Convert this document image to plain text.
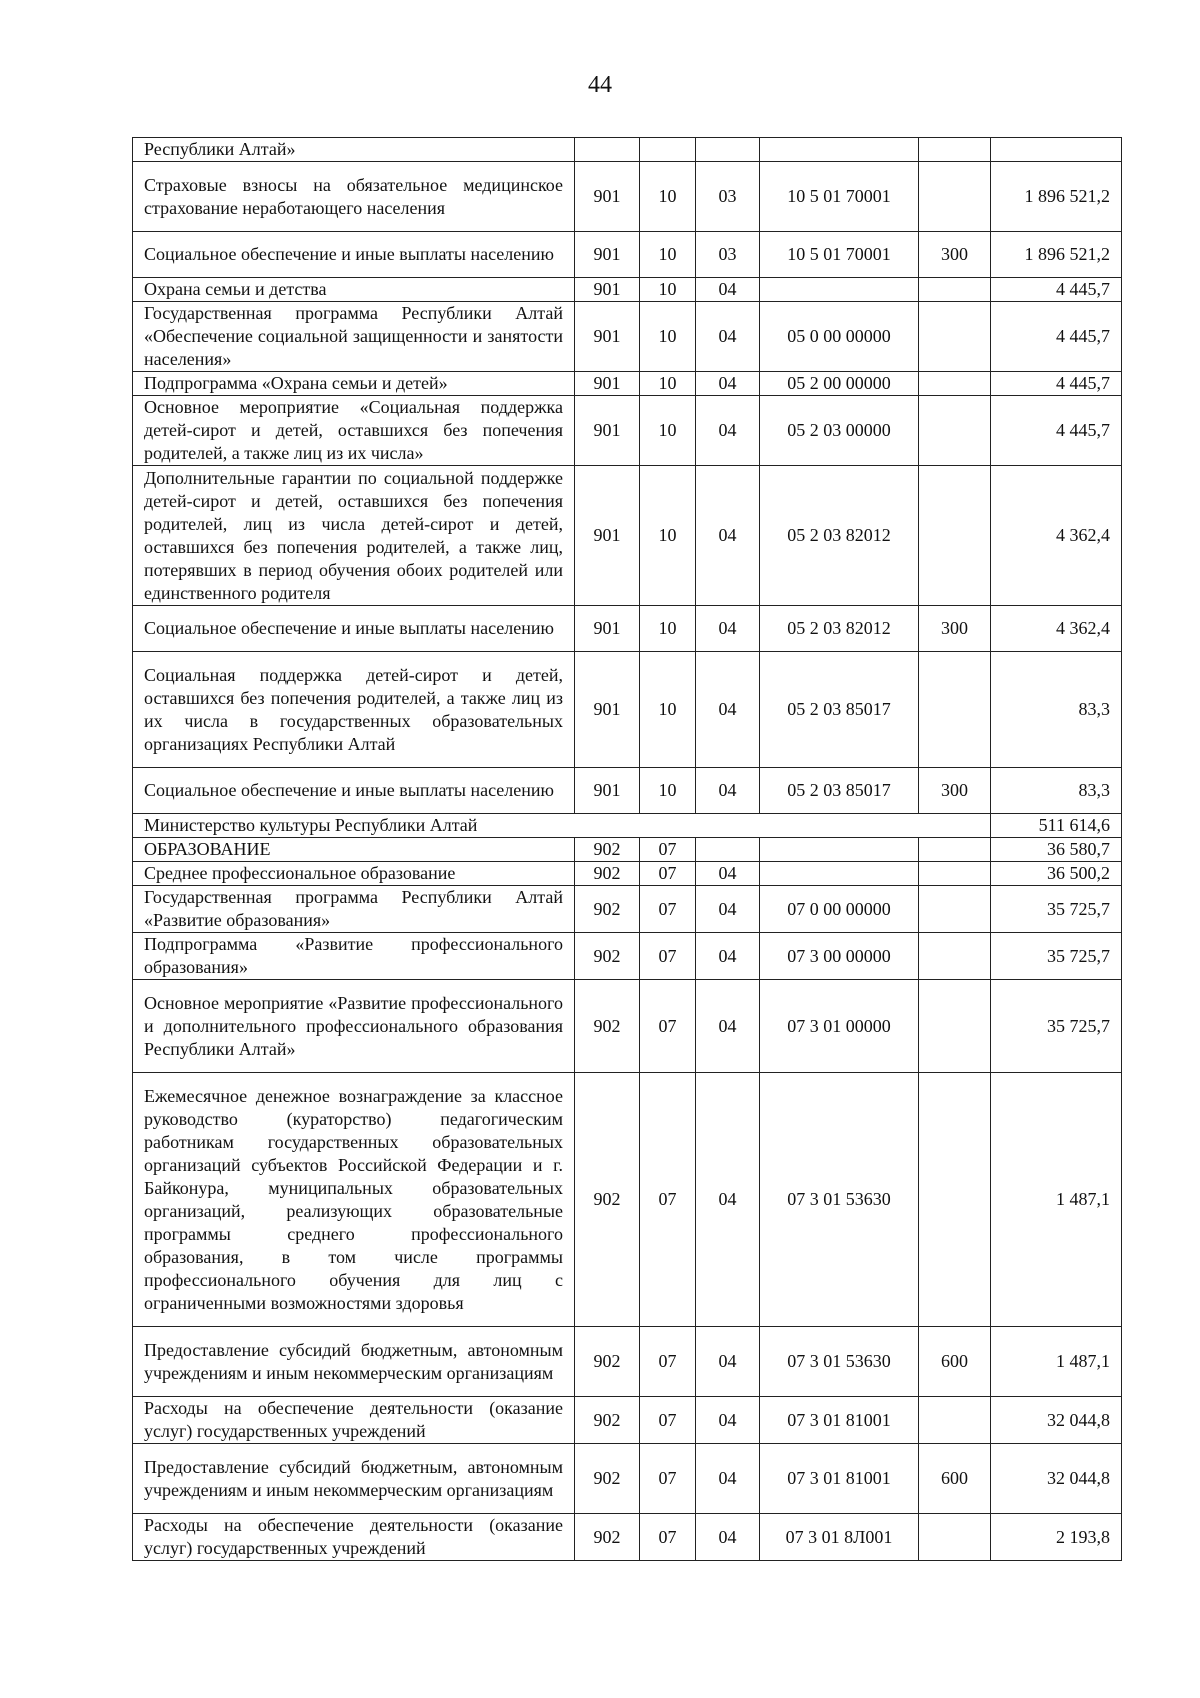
44
Республики Алтай»						
Страховые взносы на обязательное медицинское страхование неработающего населения	901	10	03	10 5 01 70001		1 896 521,2
Социальное обеспечение и иные выплаты населению	901	10	03	10 5 01 70001	300	1 896 521,2
Охрана семьи и детства	901	10	04			4 445,7
Государственная программа Республики Алтай «Обеспечение социальной защищенности и занятости населения»	901	10	04	05 0 00 00000		4 445,7
Подпрограмма «Охрана семьи и детей»	901	10	04	05 2 00 00000		4 445,7
Основное мероприятие «Социальная поддержка детей-сирот и детей, оставшихся без попечения родителей, а также лиц из их числа»	901	10	04	05 2 03 00000		4 445,7
Дополнительные гарантии по социальной поддержке детей-сирот и детей, оставшихся без попечения родителей, лиц из числа детей-сирот и детей, оставшихся без попечения родителей, а также лиц, потерявших в период обучения обоих родителей или единственного родителя	901	10	04	05 2 03 82012		4 362,4
Социальное обеспечение и иные выплаты населению	901	10	04	05 2 03 82012	300	4 362,4
Социальная поддержка детей-сирот и детей, оставшихся без попечения родителей, а также лиц из их числа в государственных образовательных организациях Республики Алтай	901	10	04	05 2 03 85017		83,3
Социальное обеспечение и иные выплаты населению	901	10	04	05 2 03 85017	300	83,3
Министерство культуры Республики Алтай						511 614,6
ОБРАЗОВАНИЕ	902	07				36 580,7
Среднее профессиональное образование	902	07	04			36 500,2
Государственная программа Республики Алтай «Развитие образования»	902	07	04	07 0 00 00000		35 725,7
Подпрограмма «Развитие профессионального образования»	902	07	04	07 3 00 00000		35 725,7
Основное мероприятие «Развитие профессионального и дополнительного профессионального образования Республики Алтай»	902	07	04	07 3 01 00000		35 725,7
Ежемесячное денежное вознаграждение за классное руководство (кураторство) педагогическим работникам государственных образовательных организаций субъектов Российской Федерации и г. Байконура, муниципальных образовательных организаций, реализующих образовательные программы среднего профессионального образования, в том числе программы профессионального обучения для лиц с ограниченными возможностями здоровья	902	07	04	07 3 01 53630		1 487,1
Предоставление субсидий бюджетным, автономным учреждениям и иным некоммерческим организациям	902	07	04	07 3 01 53630	600	1 487,1
Расходы на обеспечение деятельности (оказание услуг) государственных учреждений	902	07	04	07 3 01 81001		32 044,8
Предоставление субсидий бюджетным, автономным учреждениям и иным некоммерческим организациям	902	07	04	07 3 01 81001	600	32 044,8
Расходы на обеспечение деятельности (оказание услуг) государственных учреждений	902	07	04	07 3 01 8Л001		2 193,8
